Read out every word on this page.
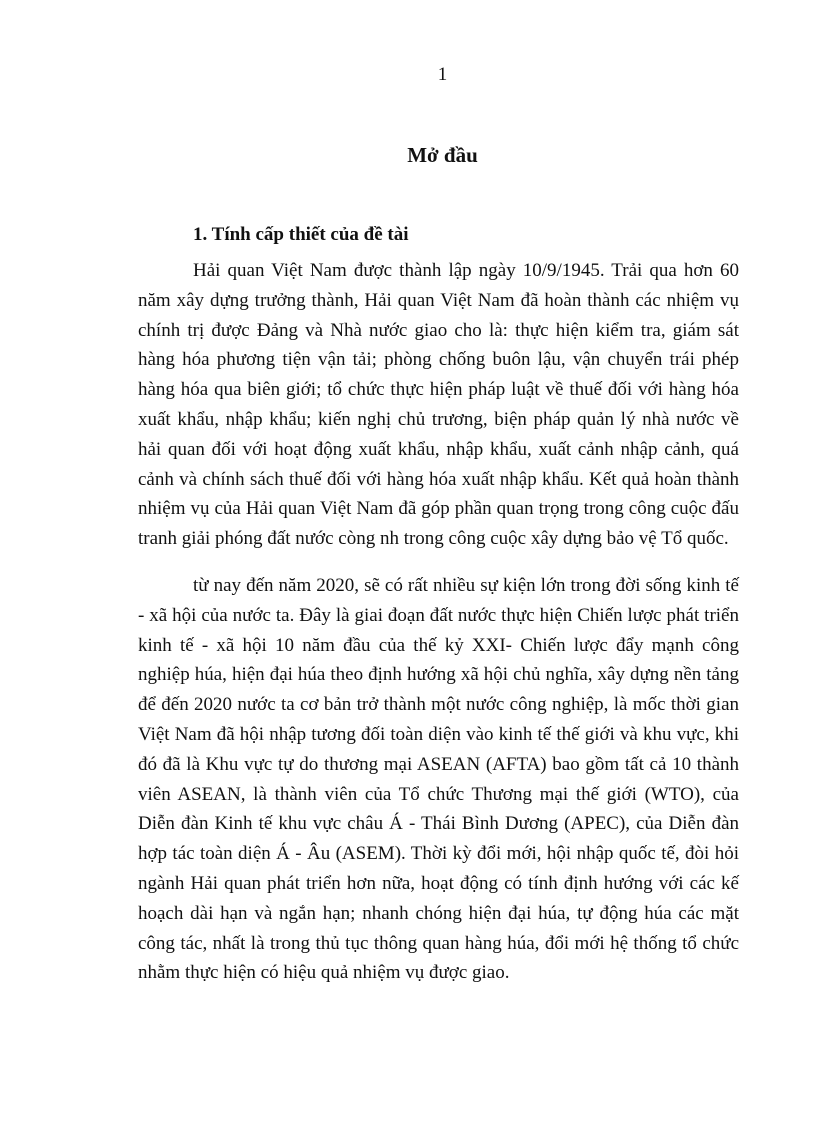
1
Mở đầu
1. Tính cấp thiết của đề tài

Hải quan Việt Nam được thành lập ngày 10/9/1945. Trải qua hơn 60 năm xây dựng trưởng thành, Hải quan Việt Nam đã hoàn thành các nhiệm vụ chính trị được Đảng và Nhà nước giao cho là: thực hiện kiểm tra, giám sát hàng hóa phương tiện vận tải; phòng chống buôn lậu, vận chuyển trái phép hàng hóa qua biên giới; tổ chức thực hiện pháp luật về thuế đối với hàng hóa xuất khẩu, nhập khẩu; kiến nghị chủ trương, biện pháp quản lý nhà nước về hải quan đối với hoạt động xuất khẩu, nhập khẩu, xuất cảnh nhập cảnh, quá cảnh và chính sách thuế đối với hàng hóa xuất nhập khẩu. Kết quả hoàn thành nhiệm vụ của Hải quan Việt Nam đã góp phần quan trọng trong công cuộc đấu tranh giải phóng đất nước còng nh trong công cuộc xây dựng bảo vệ Tổ quốc.

từ nay đến năm 2020, sẽ có rất nhiều sự kiện lớn trong đời sống kinh tế - xã hội của nước ta. Đây là giai đoạn đất nước thực hiện Chiến lược phát triển kinh tế - xã hội 10 năm đầu của thế kỷ XXI- Chiến lược đẩy mạnh công nghiệp húa, hiện đại húa theo định hướng xã hội chủ nghĩa, xây dựng nền tảng để đến 2020 nước ta cơ bản trở thành một nước công nghiệp, là mốc thời gian Việt Nam đã hội nhập tương đối toàn diện vào kinh tế thế giới và khu vực, khi đó đã là Khu vực tự do thương mại ASEAN (AFTA) bao gồm tất cả 10 thành viên ASEAN, là thành viên của Tổ chức Thương mại thế giới (WTO), của Diễn đàn Kinh tế khu vực châu Á - Thái Bình Dương (APEC), của Diễn đàn hợp tác toàn diện Á - Âu (ASEM). Thời kỳ đổi mới, hội nhập quốc tế, đòi hỏi ngành Hải quan phát triển hơn nữa, hoạt động có tính định hướng với các kế hoạch dài hạn và ngắn hạn; nhanh chóng hiện đại húa, tự động húa các mặt công tác, nhất là trong thủ tục thông quan hàng húa, đổi mới hệ thống tổ chức nhằm thực hiện có hiệu quả nhiệm vụ được giao.
